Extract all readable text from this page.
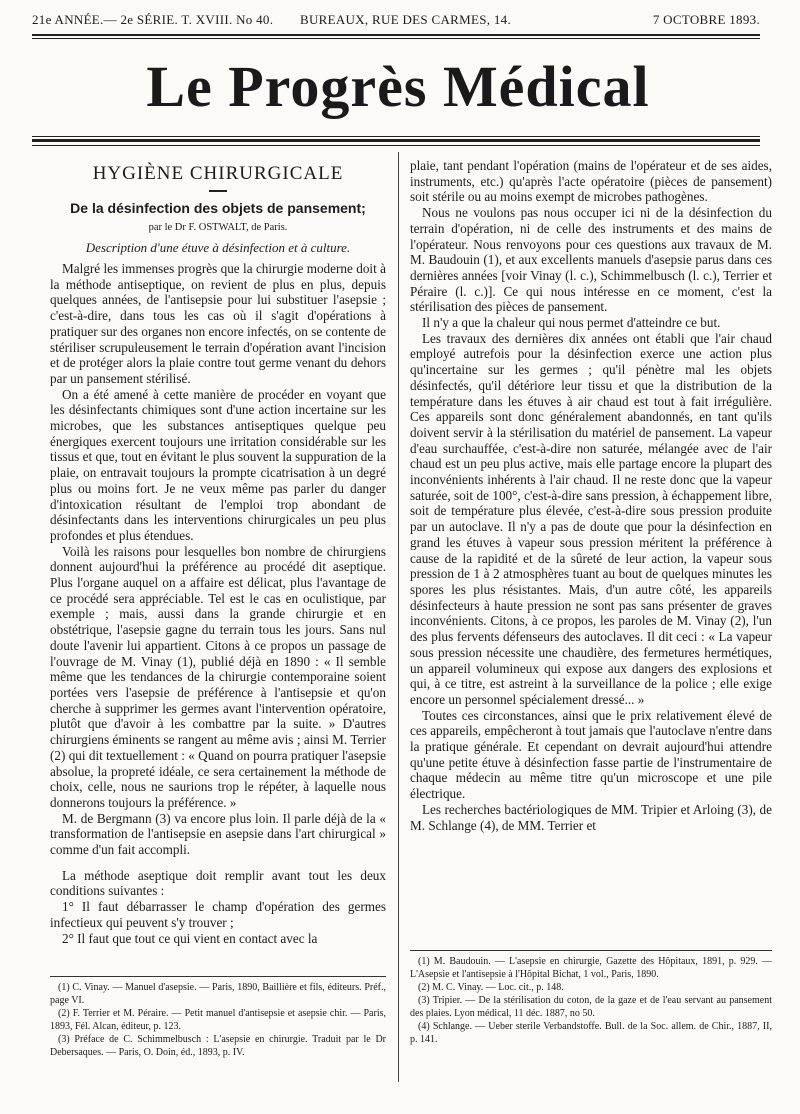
21e ANNÉE.— 2e SÉRIE. T. XVIII. No 40. BUREAUX, RUE DES CARMES, 14.	7 OCTOBRE 1893.
Le Progrès Médical
HYGIÈNE CHIRURGICALE
De la désinfection des objets de pansement;
par le Dr F. OSTWALT, de Paris.
Description d'une étuve à désinfection et à culture.

Malgré les immenses progrès que la chirurgie moderne doit à la méthode antiseptique, on revient de plus en plus, depuis quelques années, de l'antisepsie pour lui substituer l'asepsie ; c'est-à-dire, dans tous les cas où il s'agit d'opérations à pratiquer sur des organes non encore infectés, on se contente de stériliser scrupuleusement le terrain d'opération avant l'incision et de protéger alors la plaie contre tout germe venant du dehors par un pansement stérilisé.

On a été amené à cette manière de procéder en voyant que les désinfectants chimiques sont d'une action incertaine sur les microbes, que les substances antiseptiques quelque peu énergiques exercent toujours une irritation considérable sur les tissus et que, tout en évitant le plus souvent la suppuration de la plaie, on entravait toujours la prompte cicatrisation à un degré plus ou moins fort. Je ne veux même pas parler du danger d'intoxication résultant de l'emploi trop abondant de désinfectants dans les interventions chirurgicales un peu plus profondes et plus étendues.

Voilà les raisons pour lesquelles bon nombre de chirurgiens donnent aujourd'hui la préférence au procédé dit aseptique. Plus l'organe auquel on a affaire est délicat, plus l'avantage de ce procédé sera appréciable. Tel est le cas en oculistique, par exemple ; mais, aussi dans la grande chirurgie et en obstétrique, l'asepsie gagne du terrain tous les jours. Sans nul doute l'avenir lui appartient. Citons à ce propos un passage de l'ouvrage de M. Vinay (1), publié déjà en 1890 : « Il semble même que les tendances de la chirurgie contemporaine soient portées vers l'asepsie de préférence à l'antisepsie et qu'on cherche à supprimer les germes avant l'intervention opératoire, plutôt que d'avoir à les combattre par la suite. » D'autres chirurgiens éminents se rangent au même avis ; ainsi M. Terrier (2) qui dit textuellement : « Quand on pourra pratiquer l'asepsie absolue, la propreté idéale, ce sera certainement la méthode de choix, celle, nous ne saurions trop le répéter, à laquelle nous donnerons toujours la préférence. »

M. de Bergmann (3) va encore plus loin. Il parle déjà de la « transformation de l'antisepsie en asepsie dans l'art chirurgical » comme d'un fait accompli.

La méthode aseptique doit remplir avant tout les deux conditions suivantes :

1° Il faut débarrasser le champ d'opération des germes infectieux qui peuvent s'y trouver ;

2° Il faut que tout ce qui vient en contact avec la

(1) C. Vinay. — Manuel d'asepsie. — Paris, 1890, Baillière et fils, éditeurs. Préf., page VI.

(2) F. Terrier et M. Péraire. — Petit manuel d'antisepsie et asepsie chir. — Paris, 1893, Fél. Alcan, éditeur, p. 123.

(3) Préface de C. Schimmelbusch : L'asepsie en chirurgie. Traduit par le Dr Debersaques. — Paris, O. Doin, éd., 1893, p. IV.

plaie, tant pendant l'opération (mains de l'opérateur et de ses aides, instruments, etc.) qu'après l'acte opératoire (pièces de pansement) soit stérile ou au moins exempt de microbes pathogènes.

Nous ne voulons pas nous occuper ici ni de la désinfection du terrain d'opération, ni de celle des instruments et des mains de l'opérateur. Nous renvoyons pour ces questions aux travaux de M. M. Baudouin (1), et aux excellents manuels d'asepsie parus dans ces dernières années [voir Vinay (l. c.), Schimmelbusch (l. c.), Terrier et Péraire (l. c.)]. Ce qui nous intéresse en ce moment, c'est la stérilisation des pièces de pansement.

Il n'y a que la chaleur qui nous permet d'atteindre ce but.

Les travaux des dernières dix années ont établi que l'air chaud employé autrefois pour la désinfection exerce une action plus qu'incertaine sur les germes ; qu'il pénètre mal les objets désinfectés, qu'il détériore leur tissu et que la distribution de la température dans les étuves à air chaud est tout à fait irrégulière. Ces appareils sont donc généralement abandonnés, en tant qu'ils doivent servir à la stérilisation du matériel de pansement. La vapeur d'eau surchauffée, c'est-à-dire non saturée, mélangée avec de l'air chaud est un peu plus active, mais elle partage encore la plupart des inconvénients inhérents à l'air chaud. Il ne reste donc que la vapeur saturée, soit de 100°, c'est-à-dire sans pression, à échappement libre, soit de température plus élevée, c'est-à-dire sous pression produite par un autoclave. Il n'y a pas de doute que pour la désinfection en grand les étuves à vapeur sous pression méritent la préférence à cause de la rapidité et de la sûreté de leur action, la vapeur sous pression de 1 à 2 atmosphères tuant au bout de quelques minutes les spores les plus résistantes. Mais, d'un autre côté, les appareils désinfecteurs à haute pression ne sont pas sans présenter de graves inconvénients. Citons, à ce propos, les paroles de M. Vinay (2), l'un des plus fervents défenseurs des autoclaves. Il dit ceci : « La vapeur sous pression nécessite une chaudière, des fermetures hermétiques, un appareil volumineux qui expose aux dangers des explosions et qui, à ce titre, est astreint à la surveillance de la police ; elle exige encore un personnel spécialement dressé... »

Toutes ces circonstances, ainsi que le prix relativement élevé de ces appareils, empêcheront à tout jamais que l'autoclave n'entre dans la pratique générale. Et cependant on devrait aujourd'hui attendre qu'une petite étuve à désinfection fasse partie de l'instrumentaire de chaque médecin au même titre qu'un microscope et une pile électrique.

Les recherches bactériologiques de MM. Tripier et Arloing (3), de M. Schlange (4), de MM. Terrier et

(1) M. Baudouin. — L'asepsie en chirurgie, Gazette des Hôpitaux, 1891, p. 929. — L'Asepsie et l'antisepsie à l'Hôpital Bichat, 1 vol., Paris, 1890.

(2) M. C. Vinay. — Loc. cit., p. 148.

(3) Tripier. — De la stérilisation du coton, de la gaze et de l'eau servant au pansement des plaies. Lyon médical, 11 déc. 1887, no 50.

(4) Schlange. — Ueber sterile Verbandstoffe. Bull. de la Soc. allem. de Chir., 1887, II, p. 141.
